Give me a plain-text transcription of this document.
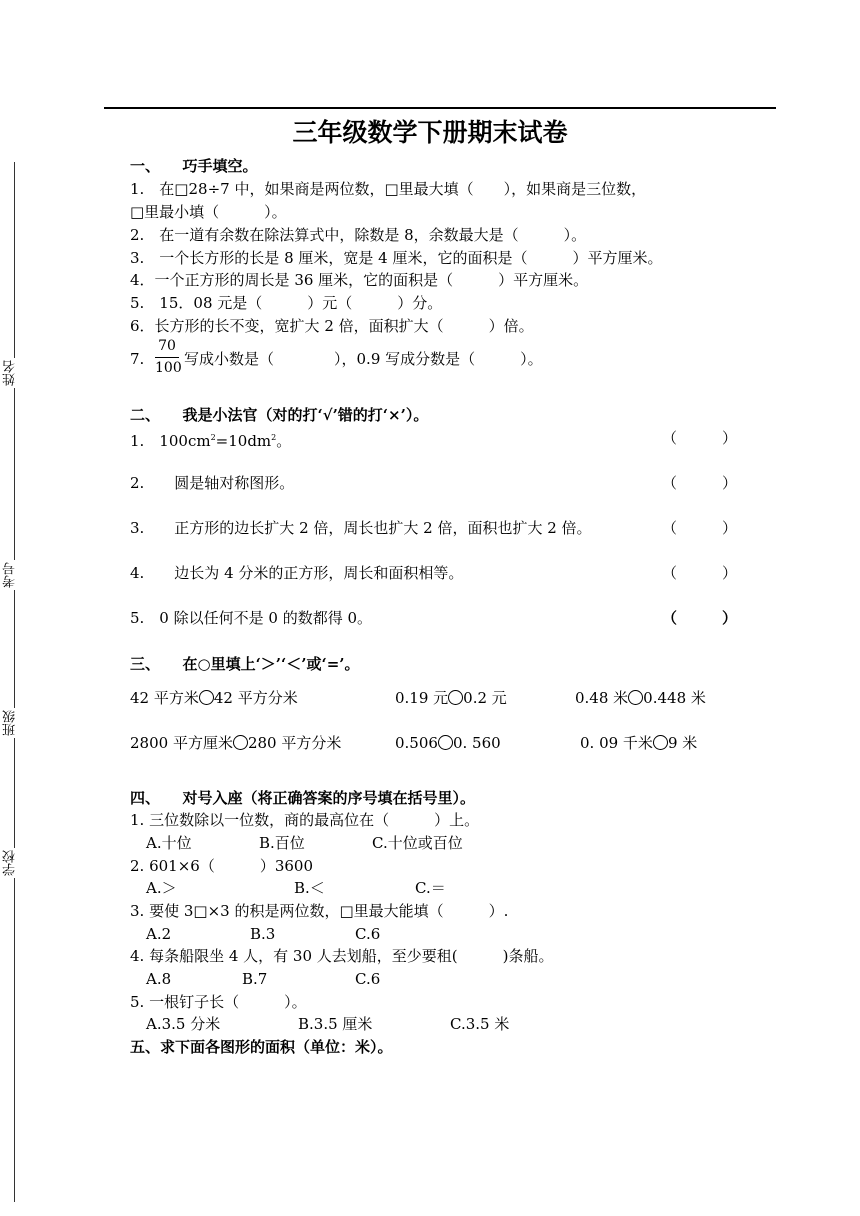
三年级数学下册期末试卷
学校
班级
考号
姓名
一、　　巧手填空。
1.　在□28÷7 中，如果商是两位数，□里最大填（　　），如果商是三位数，
□里最小填（　　　）。
2.　在一道有余数在除法算式中，除数是 8，余数最大是（　　　）。
3.　一个长方形的长是 8 厘米，宽是 4 厘米，它的面积是（　　　）平方厘米。
4．一个正方形的周长是 36 厘米，它的面积是（　　　）平方厘米。
5.　15．08 元是（　　　）元（　　　）分。
6．长方形的长不变，宽扩大 2 倍，面积扩大（　　　）倍。
7. $\frac{70}{100}$ 写成小数是（　　　　），0.9 写成分数是（　　　）。
二、　　我是小法官（对的打‘√’错的打‘×’）。
1.　$100cm^2=10dm^2$。	（　　　）
2.　　圆是轴对称图形。	（　　　）
3.　　正方形的边长扩大 2 倍，周长也扩大 2 倍，面积也扩大 2 倍。	（　　　）
4.　　边长为 4 分米的正方形，周长和面积相等。	（　　　）
5.　0 除以任何不是 0 的数都得 0。	（　　　）
三、　　在○里填上‘＞’‘＜’或‘=’。
42 平方米 42 平方分米	0.19 元 0.2 元	0.48 米 0.448 米
2800 平方厘米 280 平方分米	0.506 0. 560	0. 09 千米 9 米
四、　　对号入座（将正确答案的序号填在括号里）。
1. 三位数除以一位数，商的最高位在（　　　）上。
A.十位	B.百位	C.十位或百位
2. 601×6（　　　）3600
A.＞	B.＜	C.＝
3. 要使 3□×3 的积是两位数，□里最大能填（　　　）.
A.2	B.3	C.6
4. 每条船限坐 4 人，有 30 人去划船，至少要租(　　　)条船。
A.8	B.7	C.6
5. 一根钉子长（　　　）。
A.3.5 分米	B.3.5 厘米	C.3.5 米
五、求下面各图形的面积（单位：米）。
